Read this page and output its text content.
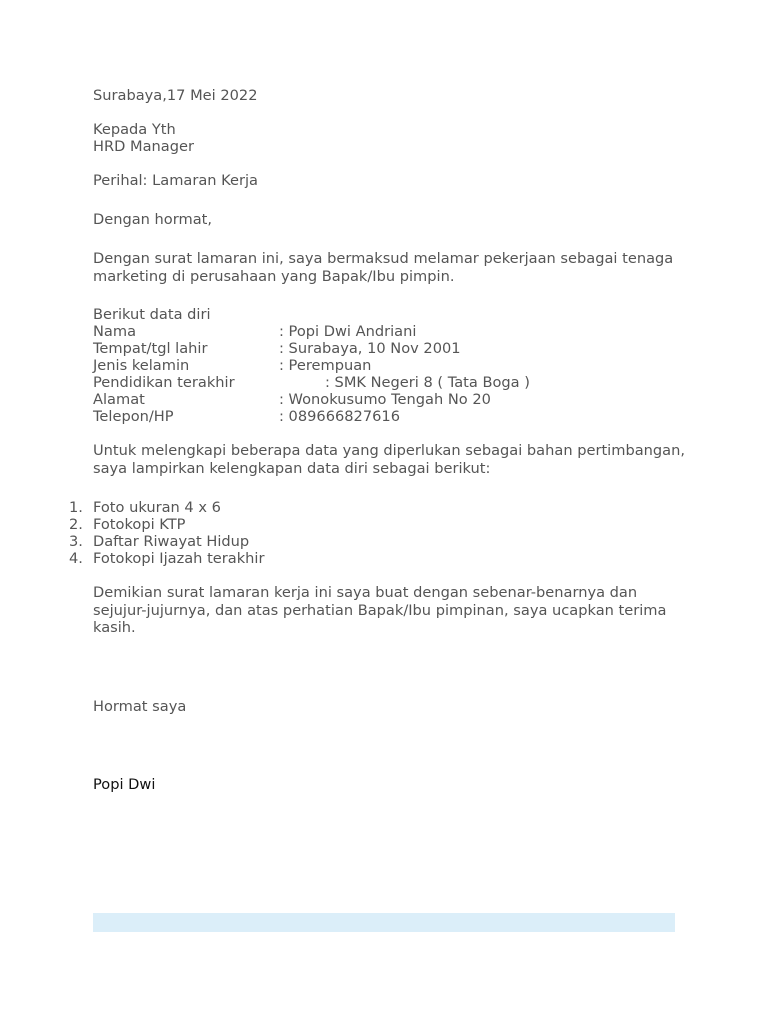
Surabaya,17 Mei 2022
Kepada Yth
HRD Manager
Perihal: Lamaran Kerja
Dengan hormat,
Dengan surat lamaran ini, saya bermaksud melamar pekerjaan sebagai tenaga marketing di perusahaan yang Bapak/Ibu pimpin.
Berikut data diri
Nama	: Popi Dwi Andriani
Tempat/tgl lahir	: Surabaya, 10 Nov 2001
Jenis kelamin	: Perempuan
Pendidikan terakhir	: SMK Negeri 8 ( Tata Boga )
Alamat	: Wonokusumo Tengah No 20
Telepon/HP	: 089666827616
Untuk melengkapi beberapa data yang diperlukan sebagai bahan pertimbangan, saya lampirkan kelengkapan data diri sebagai berikut:
1. Foto ukuran 4 x 6
2. Fotokopi KTP
3. Daftar Riwayat Hidup
4. Fotokopi Ijazah terakhir
Demikian surat lamaran kerja ini saya buat dengan sebenar-benarnya dan sejujur-jujurnya, dan atas perhatian Bapak/Ibu pimpinan, saya ucapkan terima kasih.
Hormat saya
Popi Dwi
